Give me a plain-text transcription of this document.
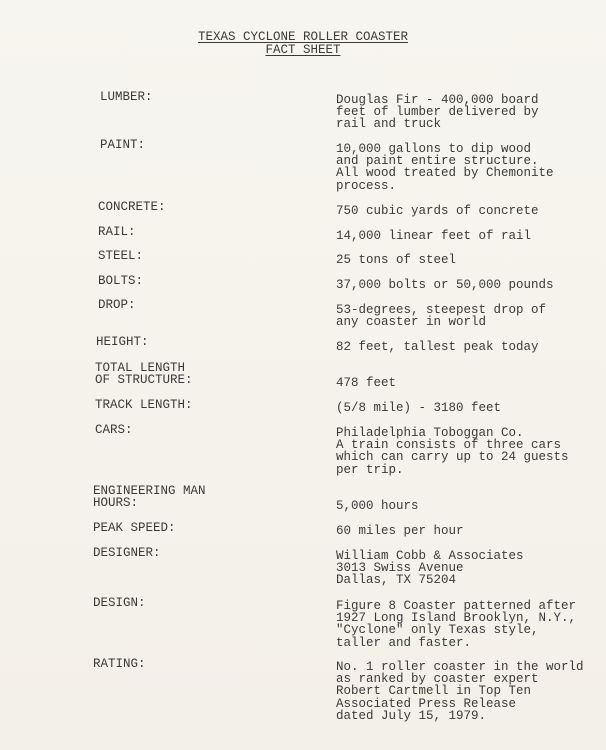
TEXAS CYCLONE ROLLER COASTER
FACT SHEET
LUMBER:	Douglas Fir - 400,000 board
feet of lumber delivered by
rail and truck
PAINT:	10,000 gallons to dip wood
and paint entire structure.
All wood treated by Chemonite
process.
CONCRETE:	750 cubic yards of concrete
RAIL:	14,000 linear feet of rail
STEEL:	25 tons of steel
BOLTS:	37,000 bolts or 50,000 pounds
DROP:	53-degrees, steepest drop of
any coaster in world
HEIGHT:	82 feet, tallest peak today
TOTAL LENGTH
OF STRUCTURE:	478 feet
TRACK LENGTH:	(5/8 mile) - 3180 feet
CARS:	Philadelphia Toboggan Co.
A train consists of three cars
which can carry up to 24 guests
per trip.
ENGINEERING MAN
HOURS:	5,000 hours
PEAK SPEED:	60 miles per hour
DESIGNER:	William Cobb & Associates
3013 Swiss Avenue
Dallas, TX 75204
DESIGN:	Figure 8 Coaster patterned after
1927 Long Island Brooklyn, N.Y.,
"Cyclone" only Texas style,
taller and faster.
RATING:	No. 1 roller coaster in the world
as ranked by coaster expert
Robert Cartmell in Top Ten
Associated Press Release
dated July 15, 1979.
